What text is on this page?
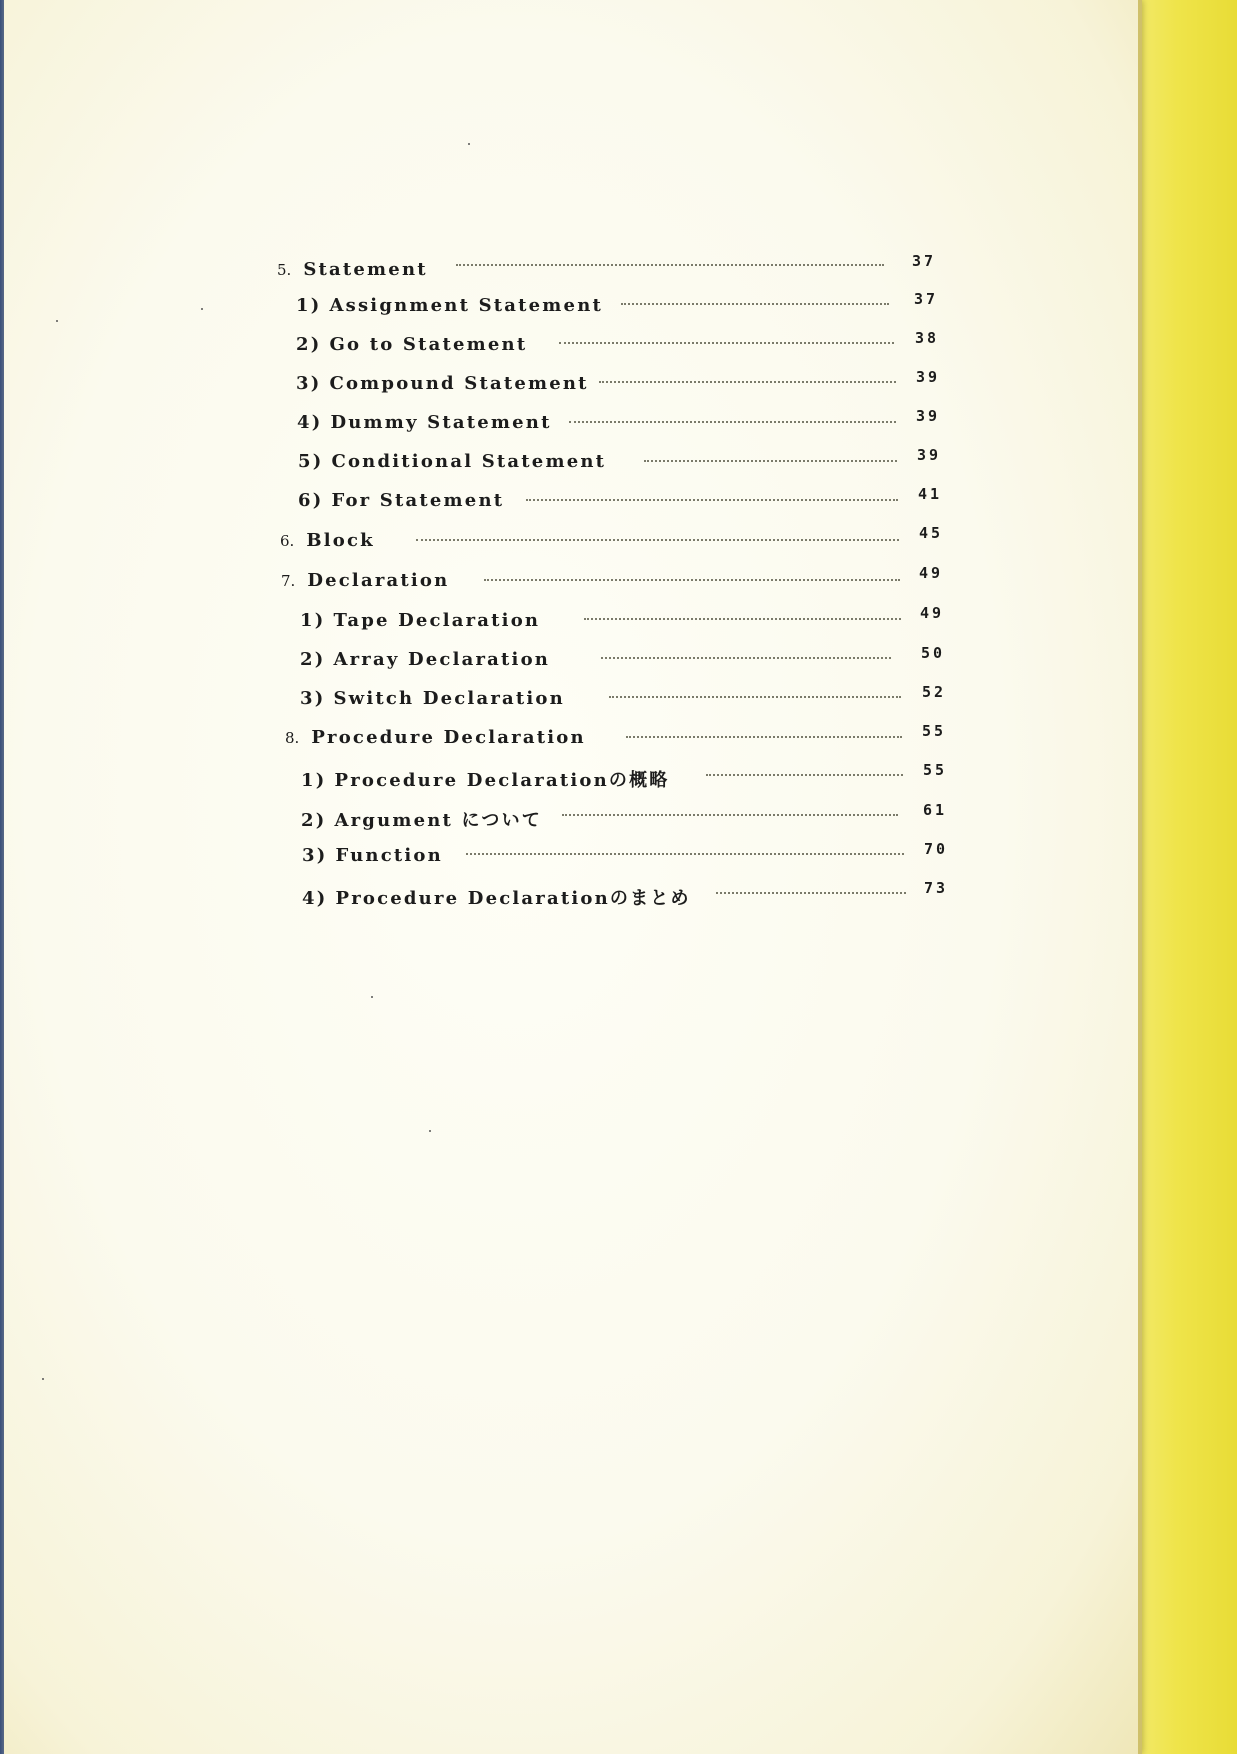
5. Statement	37
1) Assignment Statement	37
2) Go to Statement	38
3) Compound Statement	39
4) Dummy Statement	39
5) Conditional Statement	39
6) For Statement	41
6. Block	45
7. Declaration	49
1) Tape Declaration	49
2) Array Declaration	50
3) Switch Declaration	52
8. Procedure Declaration	55
1) Procedure Declarationの概略	55
2) Argument について	61
3) Function	70
4) Procedure Declarationのまとめ	73
